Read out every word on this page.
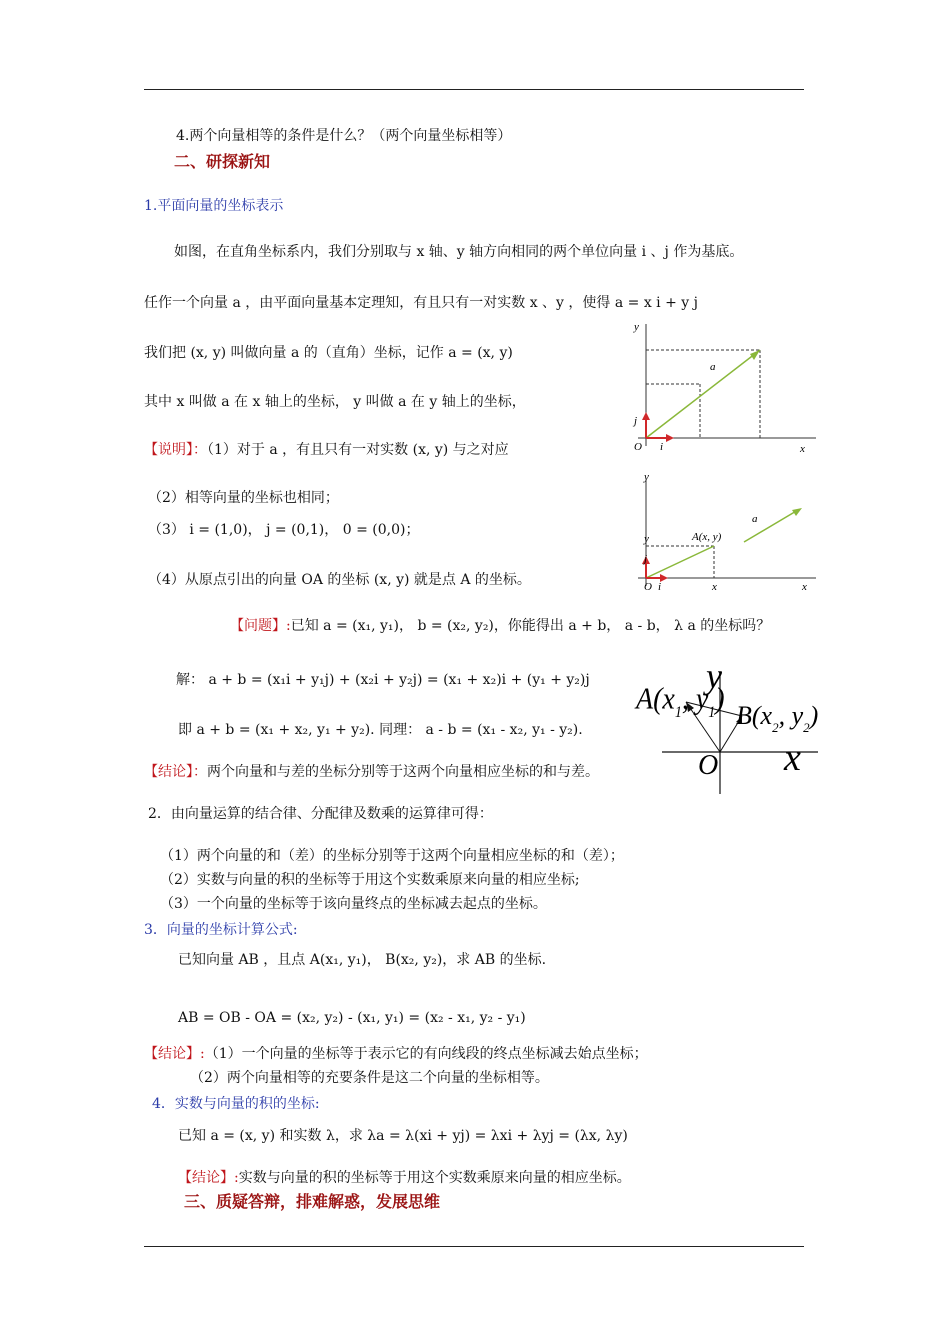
4.两个向量相等的条件是什么？（两个向量坐标相等）
二、研探新知
1.平面向量的坐标表示
如图，在直角坐标系内，我们分别取与 x 轴、y 轴方向相同的两个单位向量 i 、j 作为基底。
任作一个向量 a ，由平面向量基本定理知，有且只有一对实数 x 、y ，使得 a = x i + y j
我们把 (x, y) 叫做向量 a 的（直角）坐标，记作 a = (x, y)
其中 x 叫做 a 在 x 轴上的坐标， y 叫做 a 在 y 轴上的坐标，
【说明】：（1）对于 a ，有且只有一对实数 (x, y) 与之对应
（2）相等向量的坐标也相同；
（3） i = (1,0)， j = (0,1)， 0 = (0,0)；
（4）从原点引出的向量 OA 的坐标 (x, y) 就是点 A 的坐标。
【问题】:已知 a = (x₁, y₁)， b = (x₂, y₂)，你能得出 a + b， a - b， λ a 的坐标吗？
解： a + b = (x₁i + y₁j) + (x₂i + y₂j) = (x₁ + x₂)i + (y₁ + y₂)j
即 a + b = (x₁ + x₂, y₁ + y₂). 同理： a - b = (x₁ - x₂, y₁ - y₂).
【结论】：两个向量和与差的坐标分别等于这两个向量相应坐标的和与差。
2．由向量运算的结合律、分配律及数乘的运算律可得：
（1）两个向量的和（差）的坐标分别等于这两个向量相应坐标的和（差）；
（2）实数与向量的积的坐标等于用这个实数乘原来向量的相应坐标;
（3）一个向量的坐标等于该向量终点的坐标减去起点的坐标。
3．向量的坐标计算公式:
已知向量 AB ，且点 A(x₁, y₁)， B(x₂, y₂)，求 AB 的坐标.
AB = OB - OA = (x₂, y₂) - (x₁, y₁) = (x₂ - x₁, y₂ - y₁)
【结论】:（1）一个向量的坐标等于表示它的有向线段的终点坐标减去始点坐标；
（2）两个向量相等的充要条件是这二个向量的坐标相等。
4．实数与向量的积的坐标:
已知 a = (x, y) 和实数 λ，求 λa = λ(xi + yj) = λxi + λyj = (λx, λy)
【结论】:实数与向量的积的坐标等于用这个实数乘原来向量的相应坐标。
三、质疑答辩，排难解惑，发展思维
y
x
O i
j
a
y
x
O i
j
a
A(x, y)
y
x
y
x
O
$A(x_1$, $y_1$) $B(x_2$, $y_2$)
